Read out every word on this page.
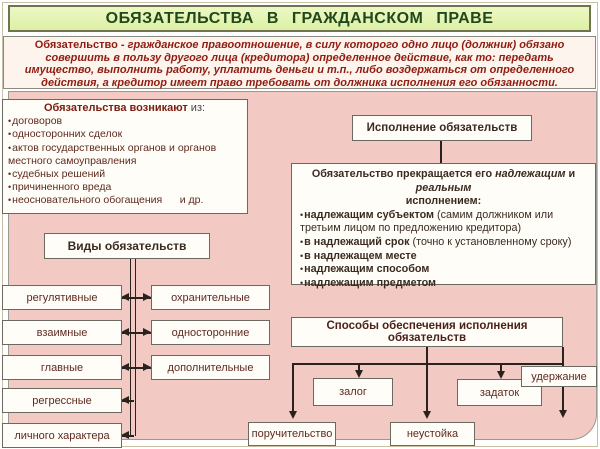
ОБЯЗАТЕЛЬСТВА В ГРАЖДАНСКОМ ПРАВЕ
Обязательство - гражданское правоотношение, в силу которого одно лицо (должник) обязано совершить в пользу другого лица (кредитора) определенное действие, как то: передать имущество, выполнить работу, уплатить деньги и т.п., либо воздержаться от определенного действия, а кредитор имеет право требовать от должника исполнения его обязанности.
Обязательства возникают из:
• договоров
• односторонних сделок
• актов государственных органов и органов местного самоуправления
• судебных решений
• причиненного вреда
• неосновательного обогащения      и др.
Исполнение обязательств
Обязательство прекращается его надлежащим и реальным
исполнением:
• надлежащим субъектом (самим должником или третьим лицом по предложению кредитора)
• в надлежащий срок (точно к установленному сроку)
• в надлежащем месте
• надлежащим способом
• надлежащим предметом
Виды обязательств
регулятивные
взаимные
главные
регрессные
личного характера
охранительные
односторонние
дополнительные
Способы обеспечения исполнения обязательств
залог	задаток
удержание
поручительство	неустойка
